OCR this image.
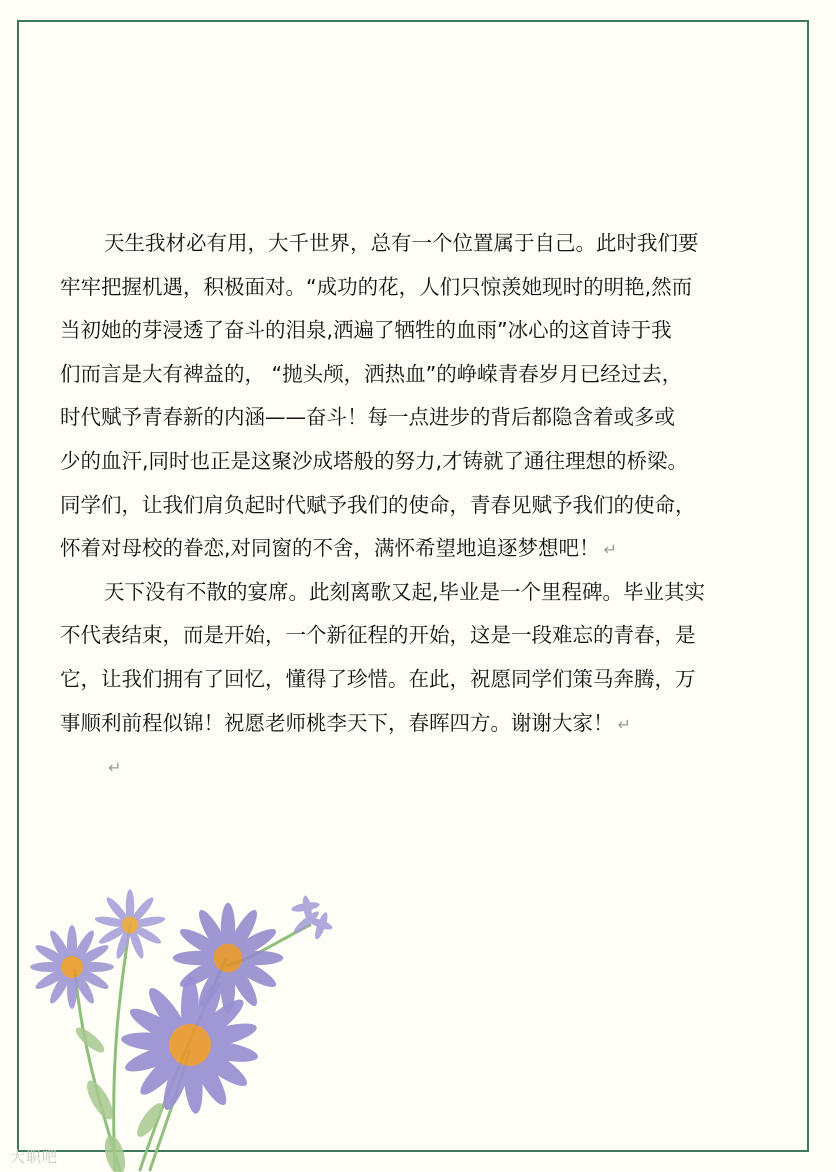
天生我材必有用，大千世界，总有一个位置属于自己。此时我们要
牢牢把握机遇，积极面对。“成功的花，人们只惊羡她现时的明艳,然而
当初她的芽浸透了奋斗的泪泉,洒遍了牺牲的血雨”冰心的这首诗于我
们而言是大有裨益的， “抛头颅，洒热血”的峥嵘青春岁月已经过去，
时代赋予青春新的内涵——奋斗！每一点进步的背后都隐含着或多或
少的血汗,同时也正是这聚沙成塔般的努力,才铸就了通往理想的桥梁。
同学们，让我们肩负起时代赋予我们的使命，青春见赋予我们的使命，
怀着对母校的眷恋,对同窗的不舍，满怀希望地追逐梦想吧！ ↵
天下没有不散的宴席。此刻离歌又起,毕业是一个里程碑。毕业其实
不代表结束，而是开始，一个新征程的开始，这是一段难忘的青春，是
它，让我们拥有了回忆，懂得了珍惜。在此，祝愿同学们策马奔腾，万
事顺利前程似锦！祝愿老师桃李天下，春晖四方。谢谢大家！ ↵
↵
大职吧
